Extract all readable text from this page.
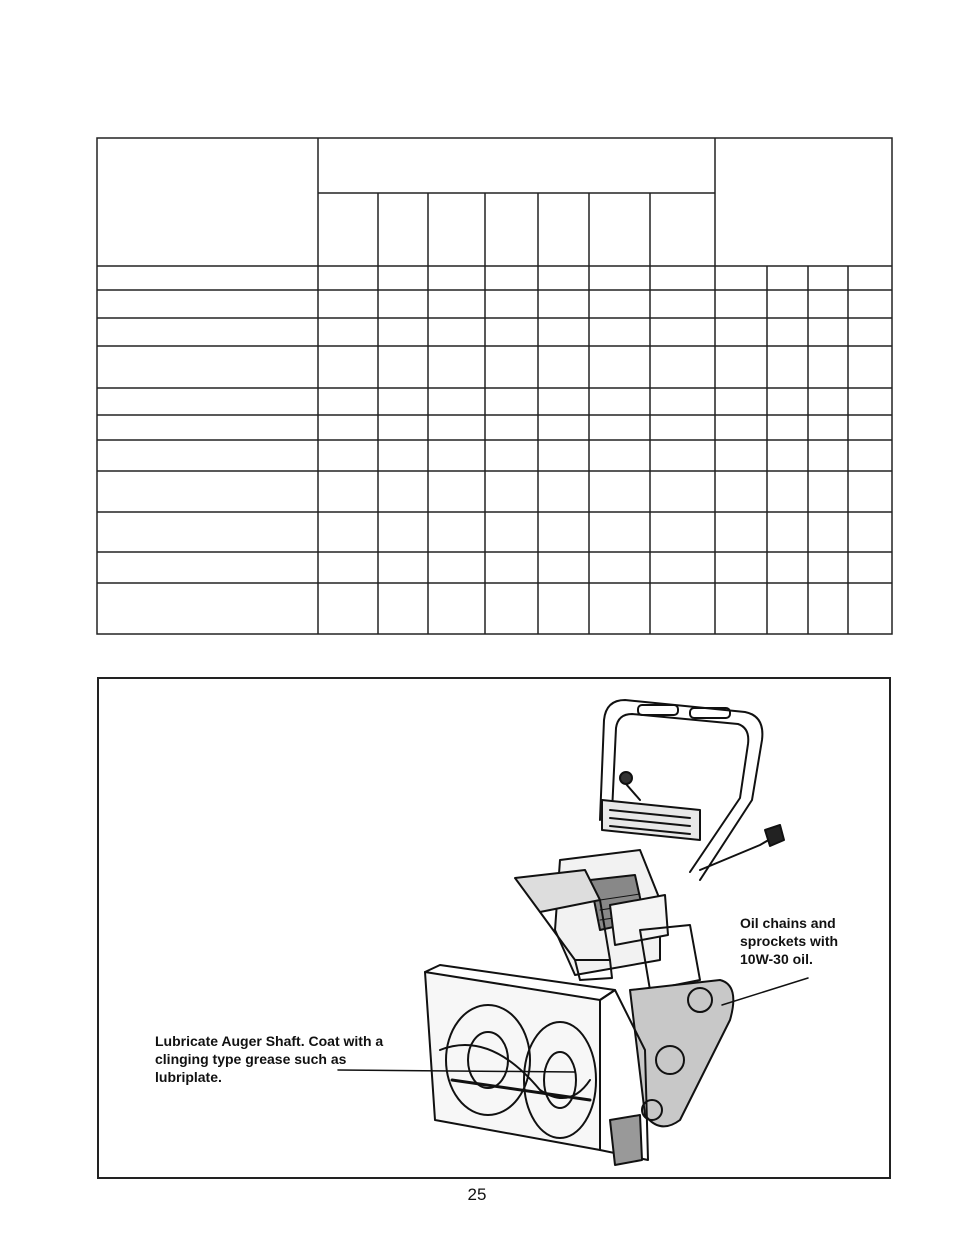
Lubricate Auger Shaft. Coat with a clinging type grease such as lubriplate.
Oil chains and sprockets with 10W-30 oil.
25
